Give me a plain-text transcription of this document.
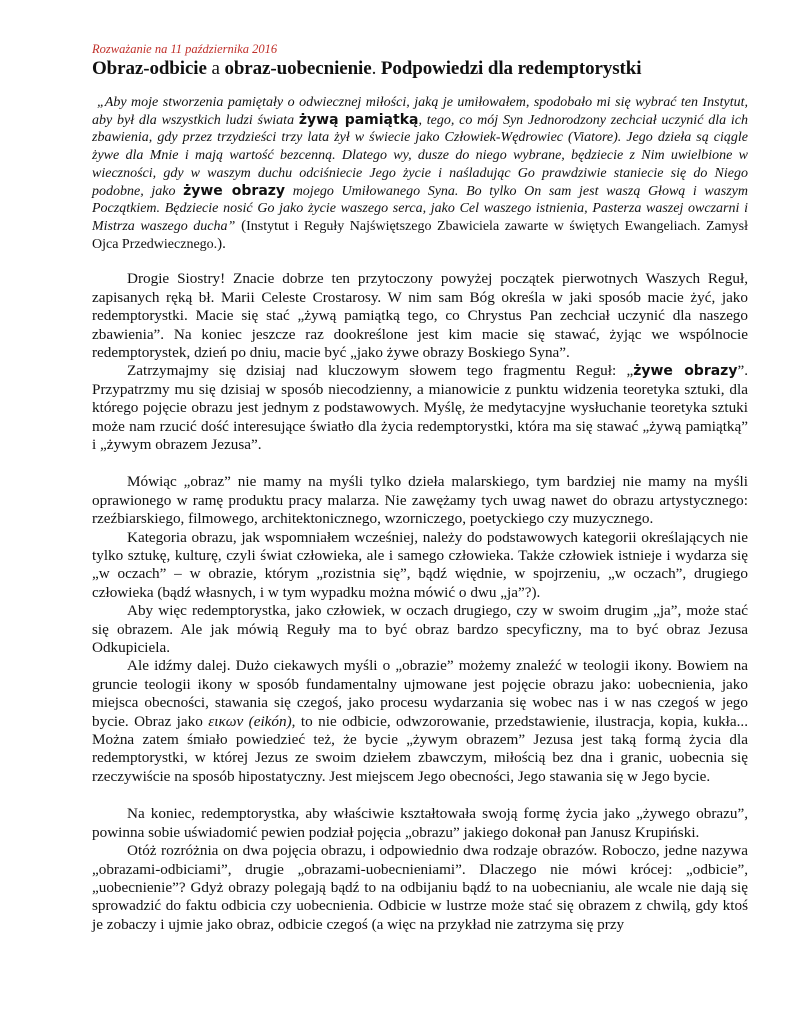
Rozważanie na 11 października 2016

Obraz-odbicie a obraz-uobecnienie. Podpowiedzi dla redemptorystki

„Aby moje stworzenia pamiętały o odwiecznej miłości, jaką je umiłowałem, spodobało mi się wybrać ten Instytut, aby był dla wszystkich ludzi świata żywą pamiątką, tego, co mój Syn Jednorodzony zechciał uczynić dla ich zbawienia, gdy przez trzydzieści trzy lata żył w świecie jako Człowiek-Wędrowiec (Viatore). Jego dzieła są ciągle żywe dla Mnie i mają wartość bezcenną. Dlatego wy, dusze do niego wybrane, będziecie z Nim uwielbione w wieczności, gdy w waszym duchu odciśniecie Jego życie i naśladując Go prawdziwie staniecie się do Niego podobne, jako żywe obrazy mojego Umiłowanego Syna. Bo tylko On sam jest waszą Głową i waszym Początkiem. Będziecie nosić Go jako życie waszego serca, jako Cel waszego istnienia, Pasterza waszej owczarni i Mistrza waszego ducha” (Instytut i Reguły Najświętszego Zbawiciela zawarte w świętych Ewangeliach. Zamysł Ojca Przedwiecznego.).

Drogie Siostry! Znacie dobrze ten przytoczony powyżej początek pierwotnych Waszych Reguł, zapisanych ręką bł. Marii Celeste Crostarosy. W nim sam Bóg określa w jaki sposób macie żyć, jako redemptorystki. Macie się stać „żywą pamiątką tego, co Chrystus Pan zechciał uczynić dla naszego zbawienia”. Na koniec jeszcze raz dookreślone jest kim macie się stawać, żyjąc we wspólnocie redemptorystek, dzień po dniu, macie być „jako żywe obrazy Boskiego Syna”.

Zatrzymajmy się dzisiaj nad kluczowym słowem tego fragmentu Reguł: „żywe obrazy”. Przypatrzmy mu się dzisiaj w sposób niecodzienny, a mianowicie z punktu widzenia teoretyka sztuki, dla którego pojęcie obrazu jest jednym z podstawowych. Myślę, że medytacyjne wysłuchanie teoretyka sztuki może nam rzucić dość interesujące światło dla życia redemptorystki, która ma się stawać „żywą pamiątką” i „żywym obrazem Jezusa”.

Mówiąc „obraz” nie mamy na myśli tylko dzieła malarskiego, tym bardziej nie mamy na myśli oprawionego w ramę produktu pracy malarza. Nie zawężamy tych uwag nawet do obrazu artystycznego: rzeźbiarskiego, filmowego, architektonicznego, wzorniczego, poetyckiego czy muzycznego.

Kategoria obrazu, jak wspomniałem wcześniej, należy do podstawowych kategorii określających nie tylko sztukę, kulturę, czyli świat człowieka, ale i samego człowieka. Także człowiek istnieje i wydarza się „w oczach” – w obrazie, którym „rozistnia się”, bądź więdnie, w spojrzeniu, „w oczach”, drugiego człowieka (bądź własnych, i w tym wypadku można mówić o dwu „ja”?).

Aby więc redemptorystka, jako człowiek, w oczach drugiego, czy w swoim drugim „ja”, może stać się obrazem. Ale jak mówią Reguły ma to być obraz bardzo specyficzny, ma to być obraz Jezusa Odkupiciela.

Ale idźmy dalej. Dużo ciekawych myśli o „obrazie” możemy znaleźć w teologii ikony. Bowiem na gruncie teologii ikony w sposób fundamentalny ujmowane jest pojęcie obrazu jako: uobecnienia, jako miejsca obecności, stawania się czegoś, jako procesu wydarzania się wobec nas i w nas czegoś w jego bycie. Obraz jako εικων (eikón), to nie odbicie, odwzorowanie, przedstawienie, ilustracja, kopia, kukła... Można zatem śmiało powiedzieć też, że bycie „żywym obrazem” Jezusa jest taką formą życia dla redemptorystki, w której Jezus ze swoim dziełem zbawczym, miłością bez dna i granic, uobecnia się rzeczywiście na sposób hipostatyczny. Jest miejscem Jego obecności, Jego stawania się w Jego bycie.

Na koniec, redemptorystka, aby właściwie kształtowała swoją formę życia jako „żywego obrazu”, powinna sobie uświadomić pewien podział pojęcia „obrazu” jakiego dokonał pan Janusz Krupiński.

Otóż rozróżnia on dwa pojęcia obrazu, i odpowiednio dwa rodzaje obrazów. Roboczo, jedne nazywa „obrazami-odbiciami”, drugie „obrazami-uobecnieniami”. Dlaczego nie mówi krócej: „odbicie”, „uobecnienie”? Gdyż obrazy polegają bądź to na odbijaniu bądź to na uobecnianiu, ale wcale nie dają się sprowadzić do faktu odbicia czy uobecnienia. Odbicie w lustrze może stać się obrazem z chwilą, gdy ktoś je zobaczy i ujmie jako obraz, odbicie czegoś (a więc na przykład nie zatrzyma się przy
